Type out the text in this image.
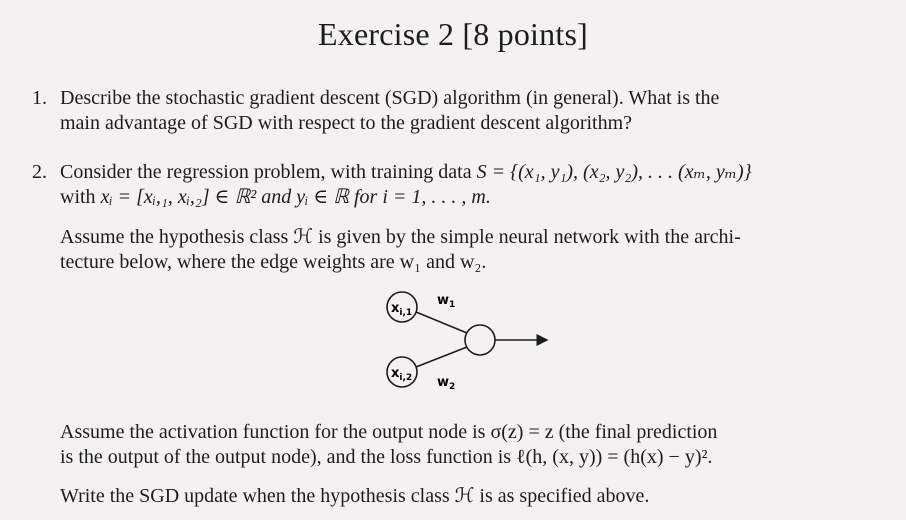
Exercise 2 [8 points]
1. Describe the stochastic gradient descent (SGD) algorithm (in general). What is the
main advantage of SGD with respect to the gradient descent algorithm?
2. Consider the regression problem, with training data S = {(x₁, y₁), (x₂, y₂), . . . (xₘ, yₘ)}
with xᵢ = [xᵢ,₁, xᵢ,₂] ∈ ℝ² and yᵢ ∈ ℝ for i = 1, . . . , m.
Assume the hypothesis class ℋ is given by the simple neural network with the archi-
tecture below, where the edge weights are w₁ and w₂.
$x_{i,1}$
$x_{i,2}$
$w_1$
$w_2$
Assume the activation function for the output node is σ(z) = z (the final prediction
is the output of the output node), and the loss function is ℓ(h, (x, y)) = (h(x) − y)².
Write the SGD update when the hypothesis class ℋ is as specified above.
